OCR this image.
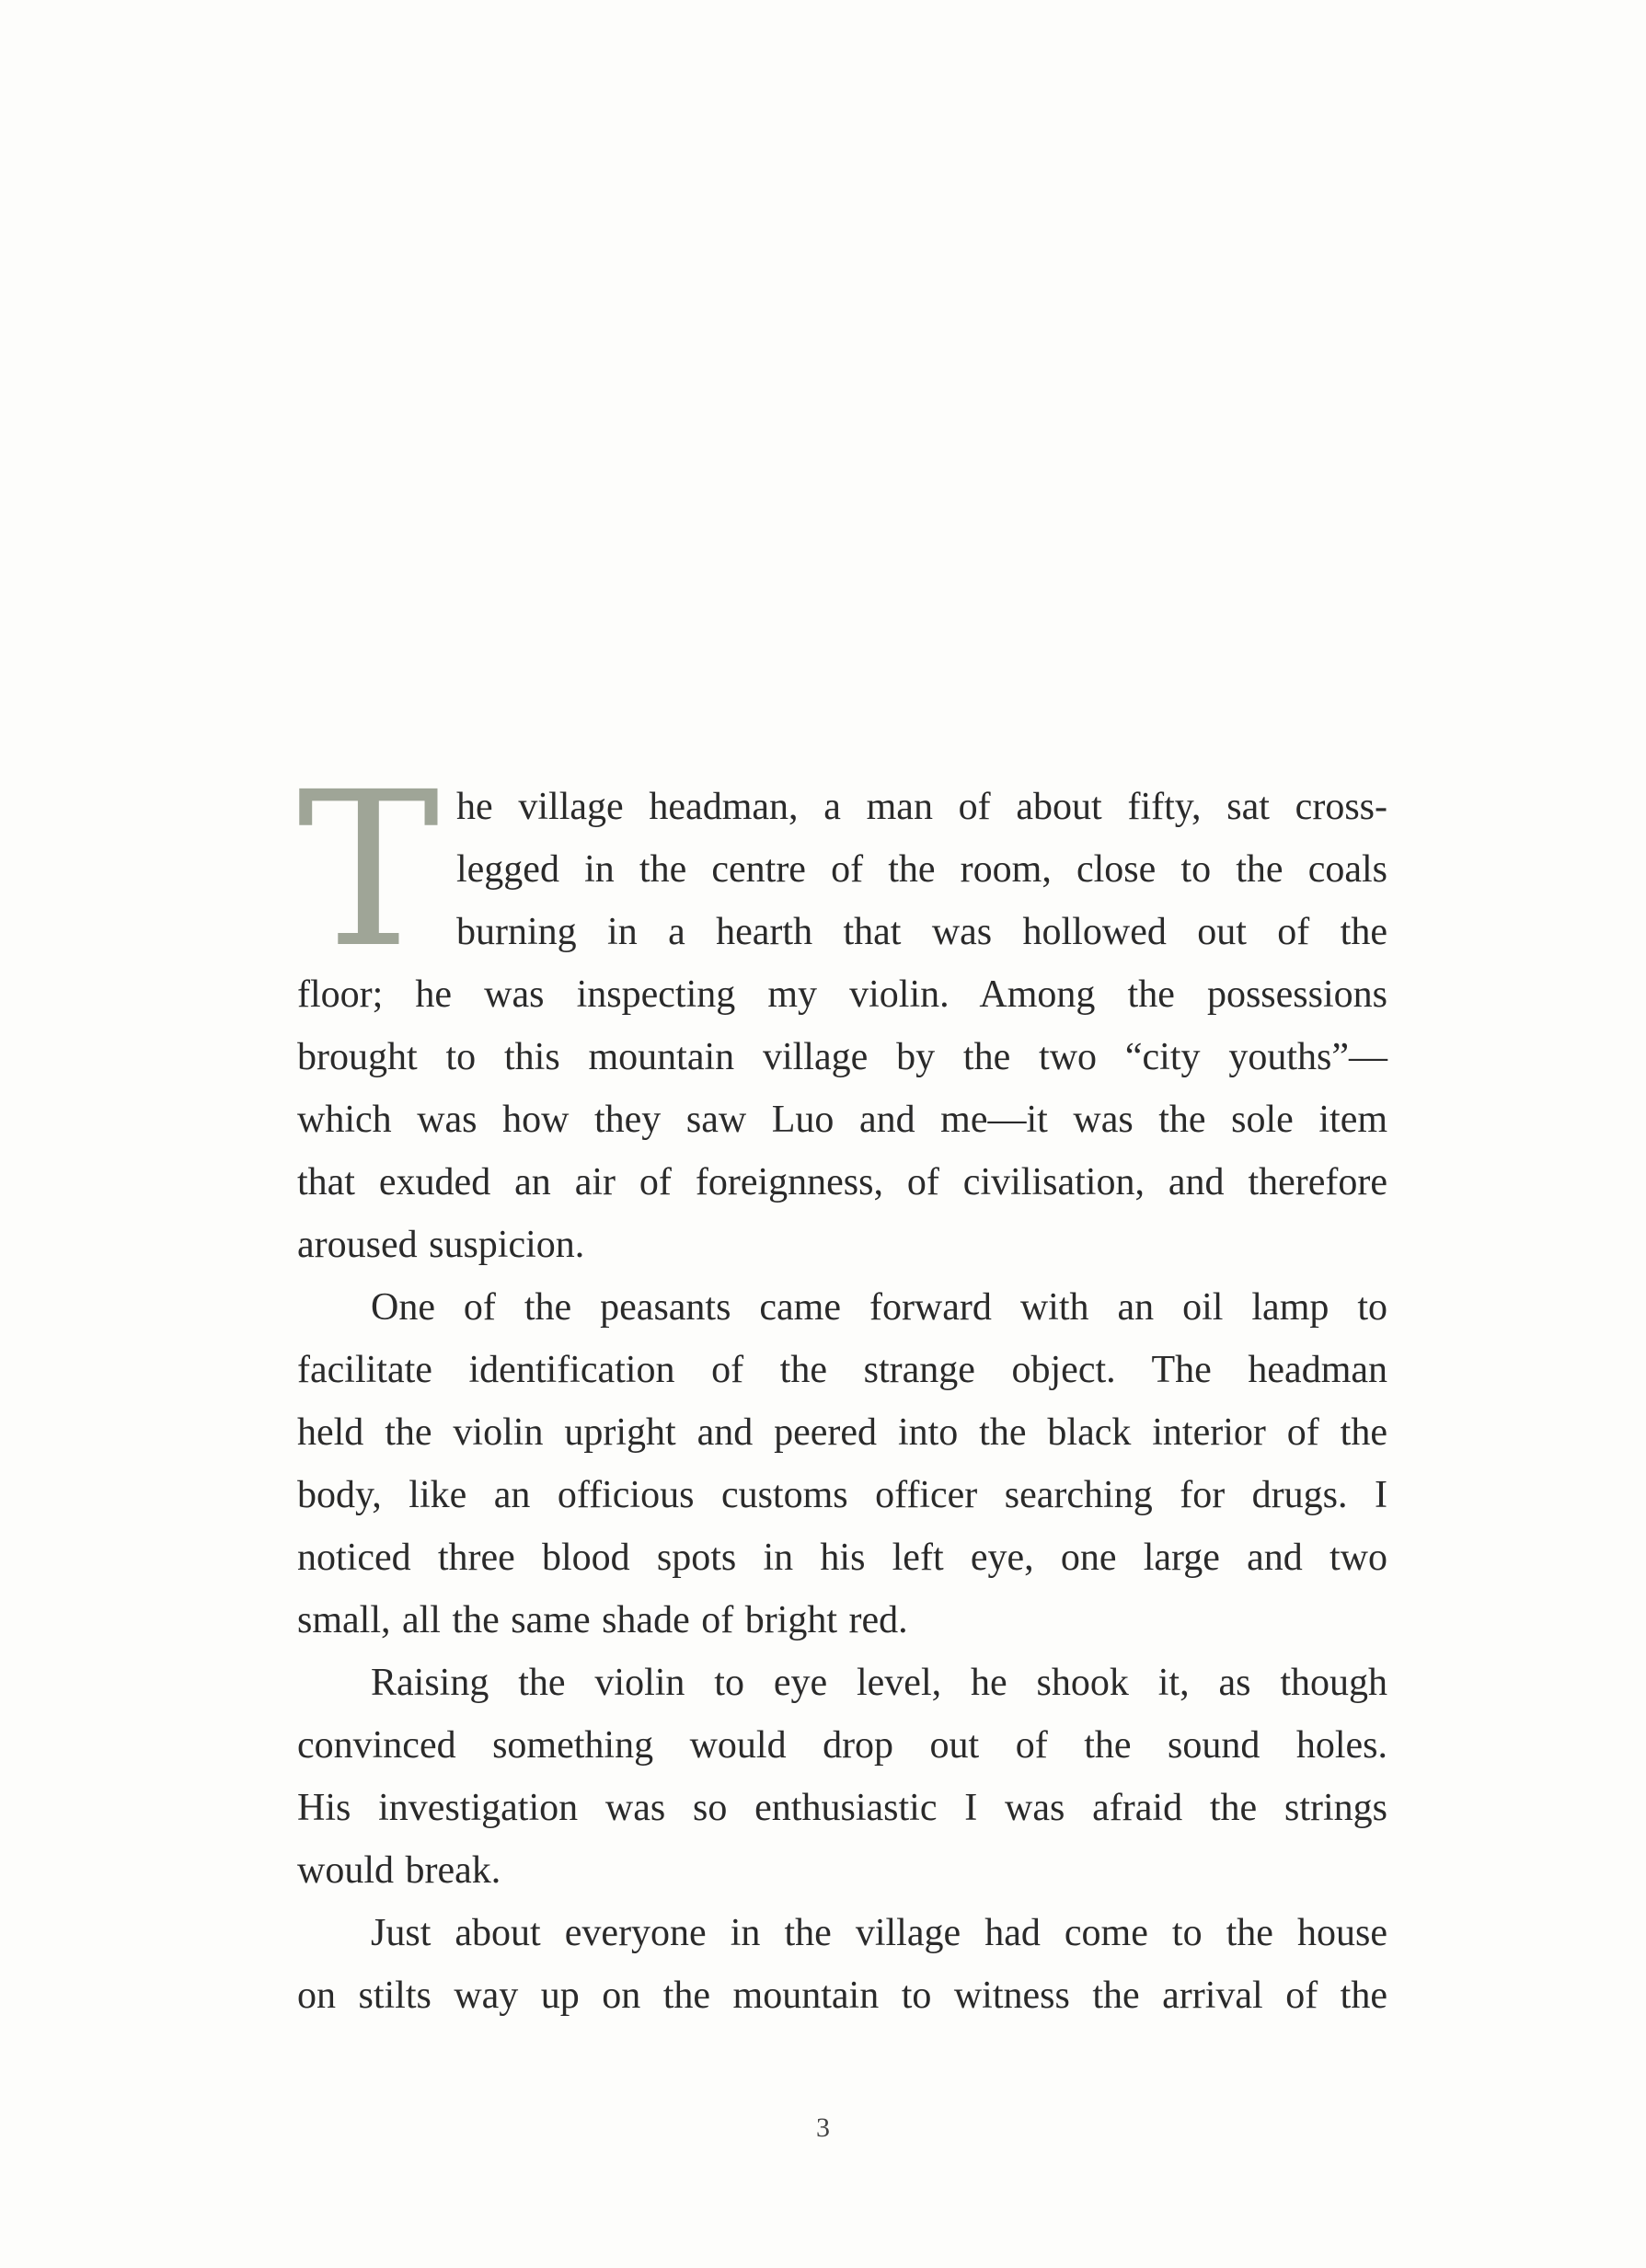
T he village headman, a man of about fifty, sat cross-
legged in the centre of the room, close to the coals
burning in a hearth that was hollowed out of the

floor; he was inspecting my violin. Among the possessions
brought to this mountain village by the two “city youths”—
which was how they saw Luo and me—it was the sole item
that exuded an air of foreignness, of civilisation, and therefore
aroused suspicion.

One of the peasants came forward with an oil lamp to
facilitate identification of the strange object. The headman
held the violin upright and peered into the black interior of the
body, like an officious customs officer searching for drugs. I
noticed three blood spots in his left eye, one large and two
small, all the same shade of bright red.

Raising the violin to eye level, he shook it, as though
convinced something would drop out of the sound holes.
His investigation was so enthusiastic I was afraid the strings
would break.

Just about everyone in the village had come to the house
on stilts way up on the mountain to witness the arrival of the

3
